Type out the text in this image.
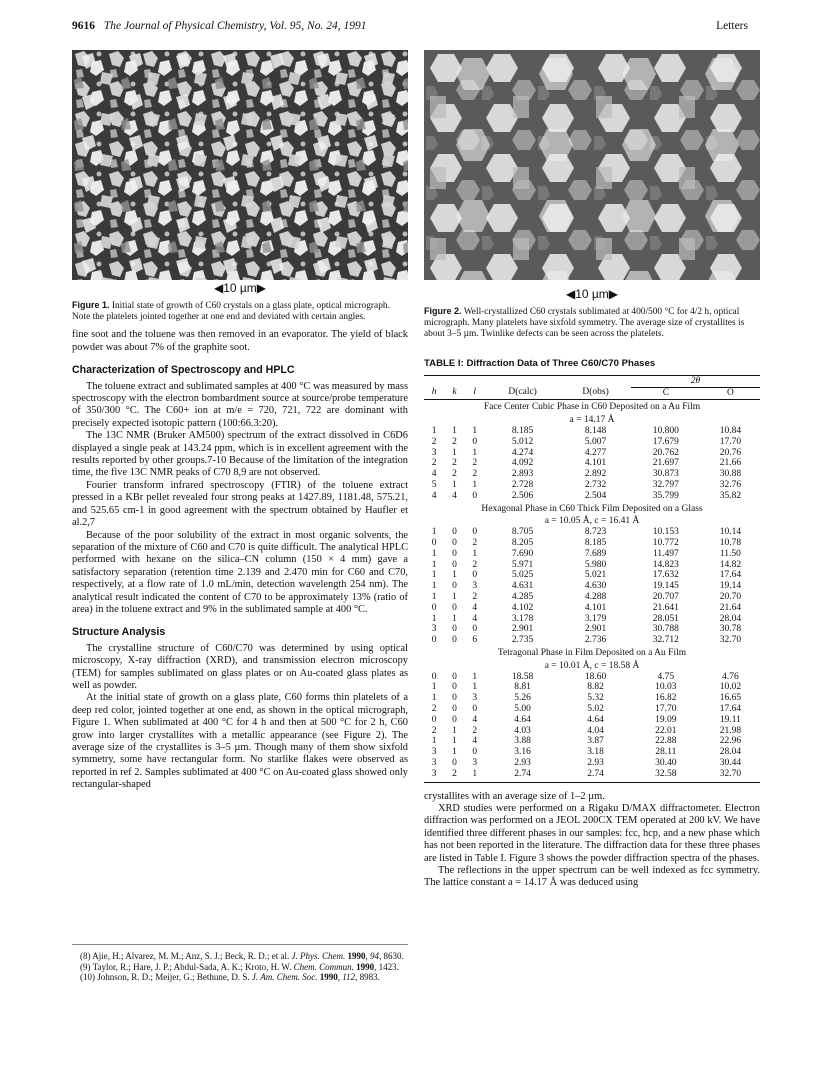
9616 The Journal of Physical Chemistry, Vol. 95, No. 24, 1991	Letters
◀10 µm▶
Figure 1. Initial state of growth of C60 crystals on a glass plate, optical micrograph. Note the platelets jointed together at one end and deviated with certain angles.

fine soot and the toluene was then removed in an evaporator. The yield of black powder was about 7% of the graphite soot.

Characterization of Spectroscopy and HPLC

The toluene extract and sublimated samples at 400 °C was measured by mass spectroscopy with the electron bombardment source at source/probe temperature of 350/300 °C. The C60+ ion at m/e = 720, 721, 722 are dominant with precisely expected isotopic pattern (100:66.3:20).

The 13C NMR (Bruker AM500) spectrum of the extract dissolved in C6D6 displayed a single peak at 143.24 ppm, which is in excellent agreement with the results reported by other groups.7-10 Because of the limitation of the integration time, the five 13C NMR peaks of C70 8,9 are not observed.

Fourier transform infrared spectroscopy (FTIR) of the toluene extract pressed in a KBr pellet revealed four strong peaks at 1427.89, 1181.48, 575.21, and 525.65 cm-1 in good agreement with the spectrum obtained by Haufler et al.2,7

Because of the poor solubility of the extract in most organic solvents, the separation of the mixture of C60 and C70 is quite difficult. The analytical HPLC performed with hexane on the silica–CN column (150 × 4 mm) gave a satisfactory separation (retention time 2.139 and 2.470 min for C60 and C70, respectively, at a flow rate of 1.0 mL/min, detection wavelength 254 nm). The analytical result indicated the content of C70 to be approximately 13% (ratio of area) in the toluene extract and 9% in the sublimated sample at 400 °C.

Structure Analysis

The crystalline structure of C60/C70 was determined by using optical microscopy, X-ray diffraction (XRD), and transmission electron microscopy (TEM) for samples sublimated on glass plates or on Au-coated glass plates as well as powder.

At the initial state of growth on a glass plate, C60 forms thin platelets of a deep red color, jointed together at one end, as shown in the optical micrograph, Figure 1. When sublimated at 400 °C for 4 h and then at 500 °C for 2 h, C60 grow into larger crystallites with a metallic appearance (see Figure 2). The average size of the crystallites is 3–5 µm. Though many of them show sixfold symmetry, some have rectangular form. No starlike flakes were observed as reported in ref 2. Samples sublimated at 400 °C on Au-coated glass showed only rectangular-shaped

(8) Ajie, H.; Alvarez, M. M.; Anz, S. J.; Beck, R. D.; et al. J. Phys. Chem. 1990, 94, 8630.

(9) Taylor, R.; Hare, J. P.; Abdul-Sada, A. K.; Kroto, H. W. Chem. Commun. 1990, 1423.

(10) Johnson, R. D.; Meijer, G.; Bethune, D. S. J. Am. Chem. Soc. 1990, 112, 8983.

◀10 µm▶
Figure 2. Well-crystallized C60 crystals sublimated at 400/500 °C for 4/2 h, optical micrograph. Many platelets have sixfold symmetry. The average size of crystallites is about 3–5 µm. Twinlike defects can be seen across the platelets.
TABLE I: Diffraction Data of Three C60/C70 Phases
					2θ	
h	k	l	D(calc)	D(obs)	C	O
Face Center Cubic Phase in C60 Deposited on a Au Film						
a = 14.17 Å						
1	1	1	8.185	8.148	10.800	10.84
2	2	0	5.012	5.007	17.679	17.70
3	1	1	4.274	4.277	20.762	20.76
2	2	2	4.092	4.101	21.697	21.66
4	2	2	2.893	2.892	30.873	30.88
5	1	1	2.728	2.732	32.797	32.76
4	4	0	2.506	2.504	35.799	35.82
Hexagonal Phase in C60 Thick Film Deposited on a Glass						
a = 10.05 Å, c = 16.41 Å						
1	0	0	8.705	8.723	10.153	10.14
0	0	2	8.205	8.185	10.772	10.78
1	0	1	7.690	7.689	11.497	11.50
1	0	2	5.971	5.980	14.823	14.82
1	1	0	5.025	5.021	17.632	17.64
1	0	3	4.631	4.630	19.145	19.14
1	1	2	4.285	4.288	20.707	20.70
0	0	4	4.102	4.101	21.641	21.64
1	1	4	3.178	3.179	28.051	28.04
3	0	0	2.901	2.901	30.788	30.78
0	0	6	2.735	2.736	32.712	32.70
Tetragonal Phase in Film Deposited on a Au Film						
a = 10.01 Å, c = 18.58 Å						
0	0	1	18.58	18.60	4.75	4.76
1	0	1	8.81	8.82	10.03	10.02
1	0	3	5.26	5.32	16.82	16.65
2	0	0	5.00	5.02	17.70	17.64
0	0	4	4.64	4.64	19.09	19.11
2	1	2	4.03	4.04	22.01	21.98
1	1	4	3.88	3.87	22.88	22.96
3	1	0	3.16	3.18	28.11	28.04
3	0	3	2.93	2.93	30.40	30.44
3	2	1	2.74	2.74	32.58	32.70

crystallites with an average size of 1–2 µm.

XRD studies were performed on a Rigaku D/MAX diffractometer. Electron diffraction was performed on a JEOL 200CX TEM operated at 200 kV. We have identified three different phases in our samples: fcc, hcp, and a new phase which has not been reported in the literature. The diffraction data for these three phases are listed in Table I. Figure 3 shows the powder diffraction spectra of the phases.

The reflections in the upper spectrum can be well indexed as fcc symmetry. The lattice constant a = 14.17 Å was deduced using
